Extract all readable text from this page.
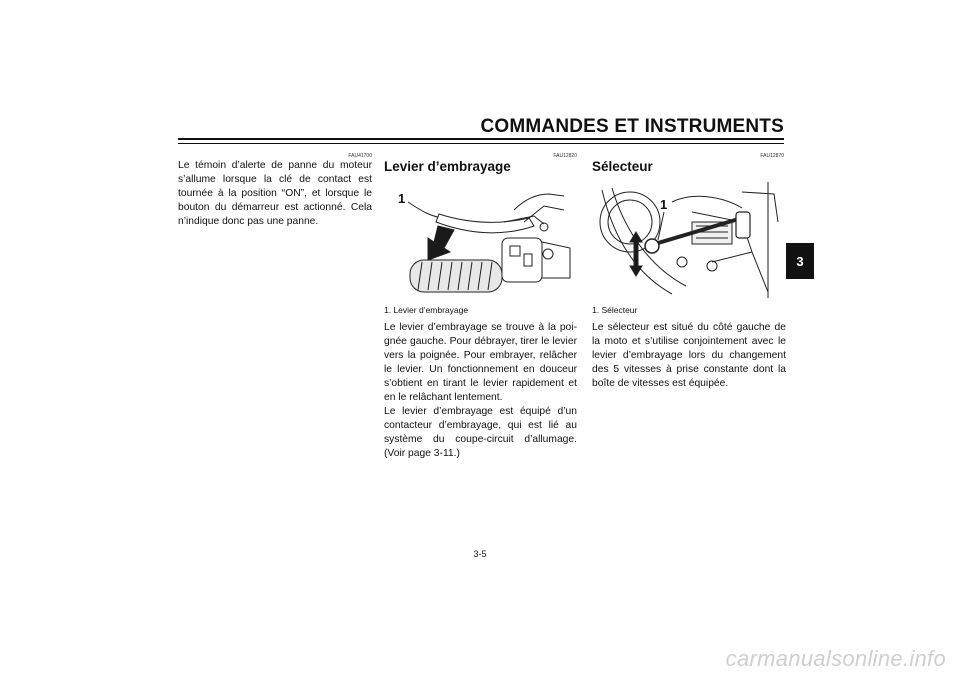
COMMANDES ET INSTRUMENTS
3
FAU41700
Le témoin d’alerte de panne du moteur s’allume lorsque la clé de contact est tournée à la position “ON”, et lorsque le bouton du démarreur est actionné. Cela n’indique donc pas une panne.
FAU12820
Levier d’embrayage
1
1. Levier d’embrayage
Le levier d’embrayage se trouve à la poignée gauche. Pour débrayer, tirer le levier vers la poignée. Pour embrayer, relâcher le levier. Un fonctionnement en douceur s’obtient en tirant le levier rapidement et en le relâchant lentement.
Le levier d’embrayage est équipé d’un contacteur d’embrayage, qui est lié au système du coupe-circuit d’allumage. (Voir page 3-11.)
FAU12870
Sélecteur
1
1. Sélecteur
Le sélecteur est situé du côté gauche de la moto et s’utilise conjointement avec le levier d’embrayage lors du changement des 5 vitesses à prise constante dont la boîte de vitesses est équipée.
3-5
carmanualsonline.info
